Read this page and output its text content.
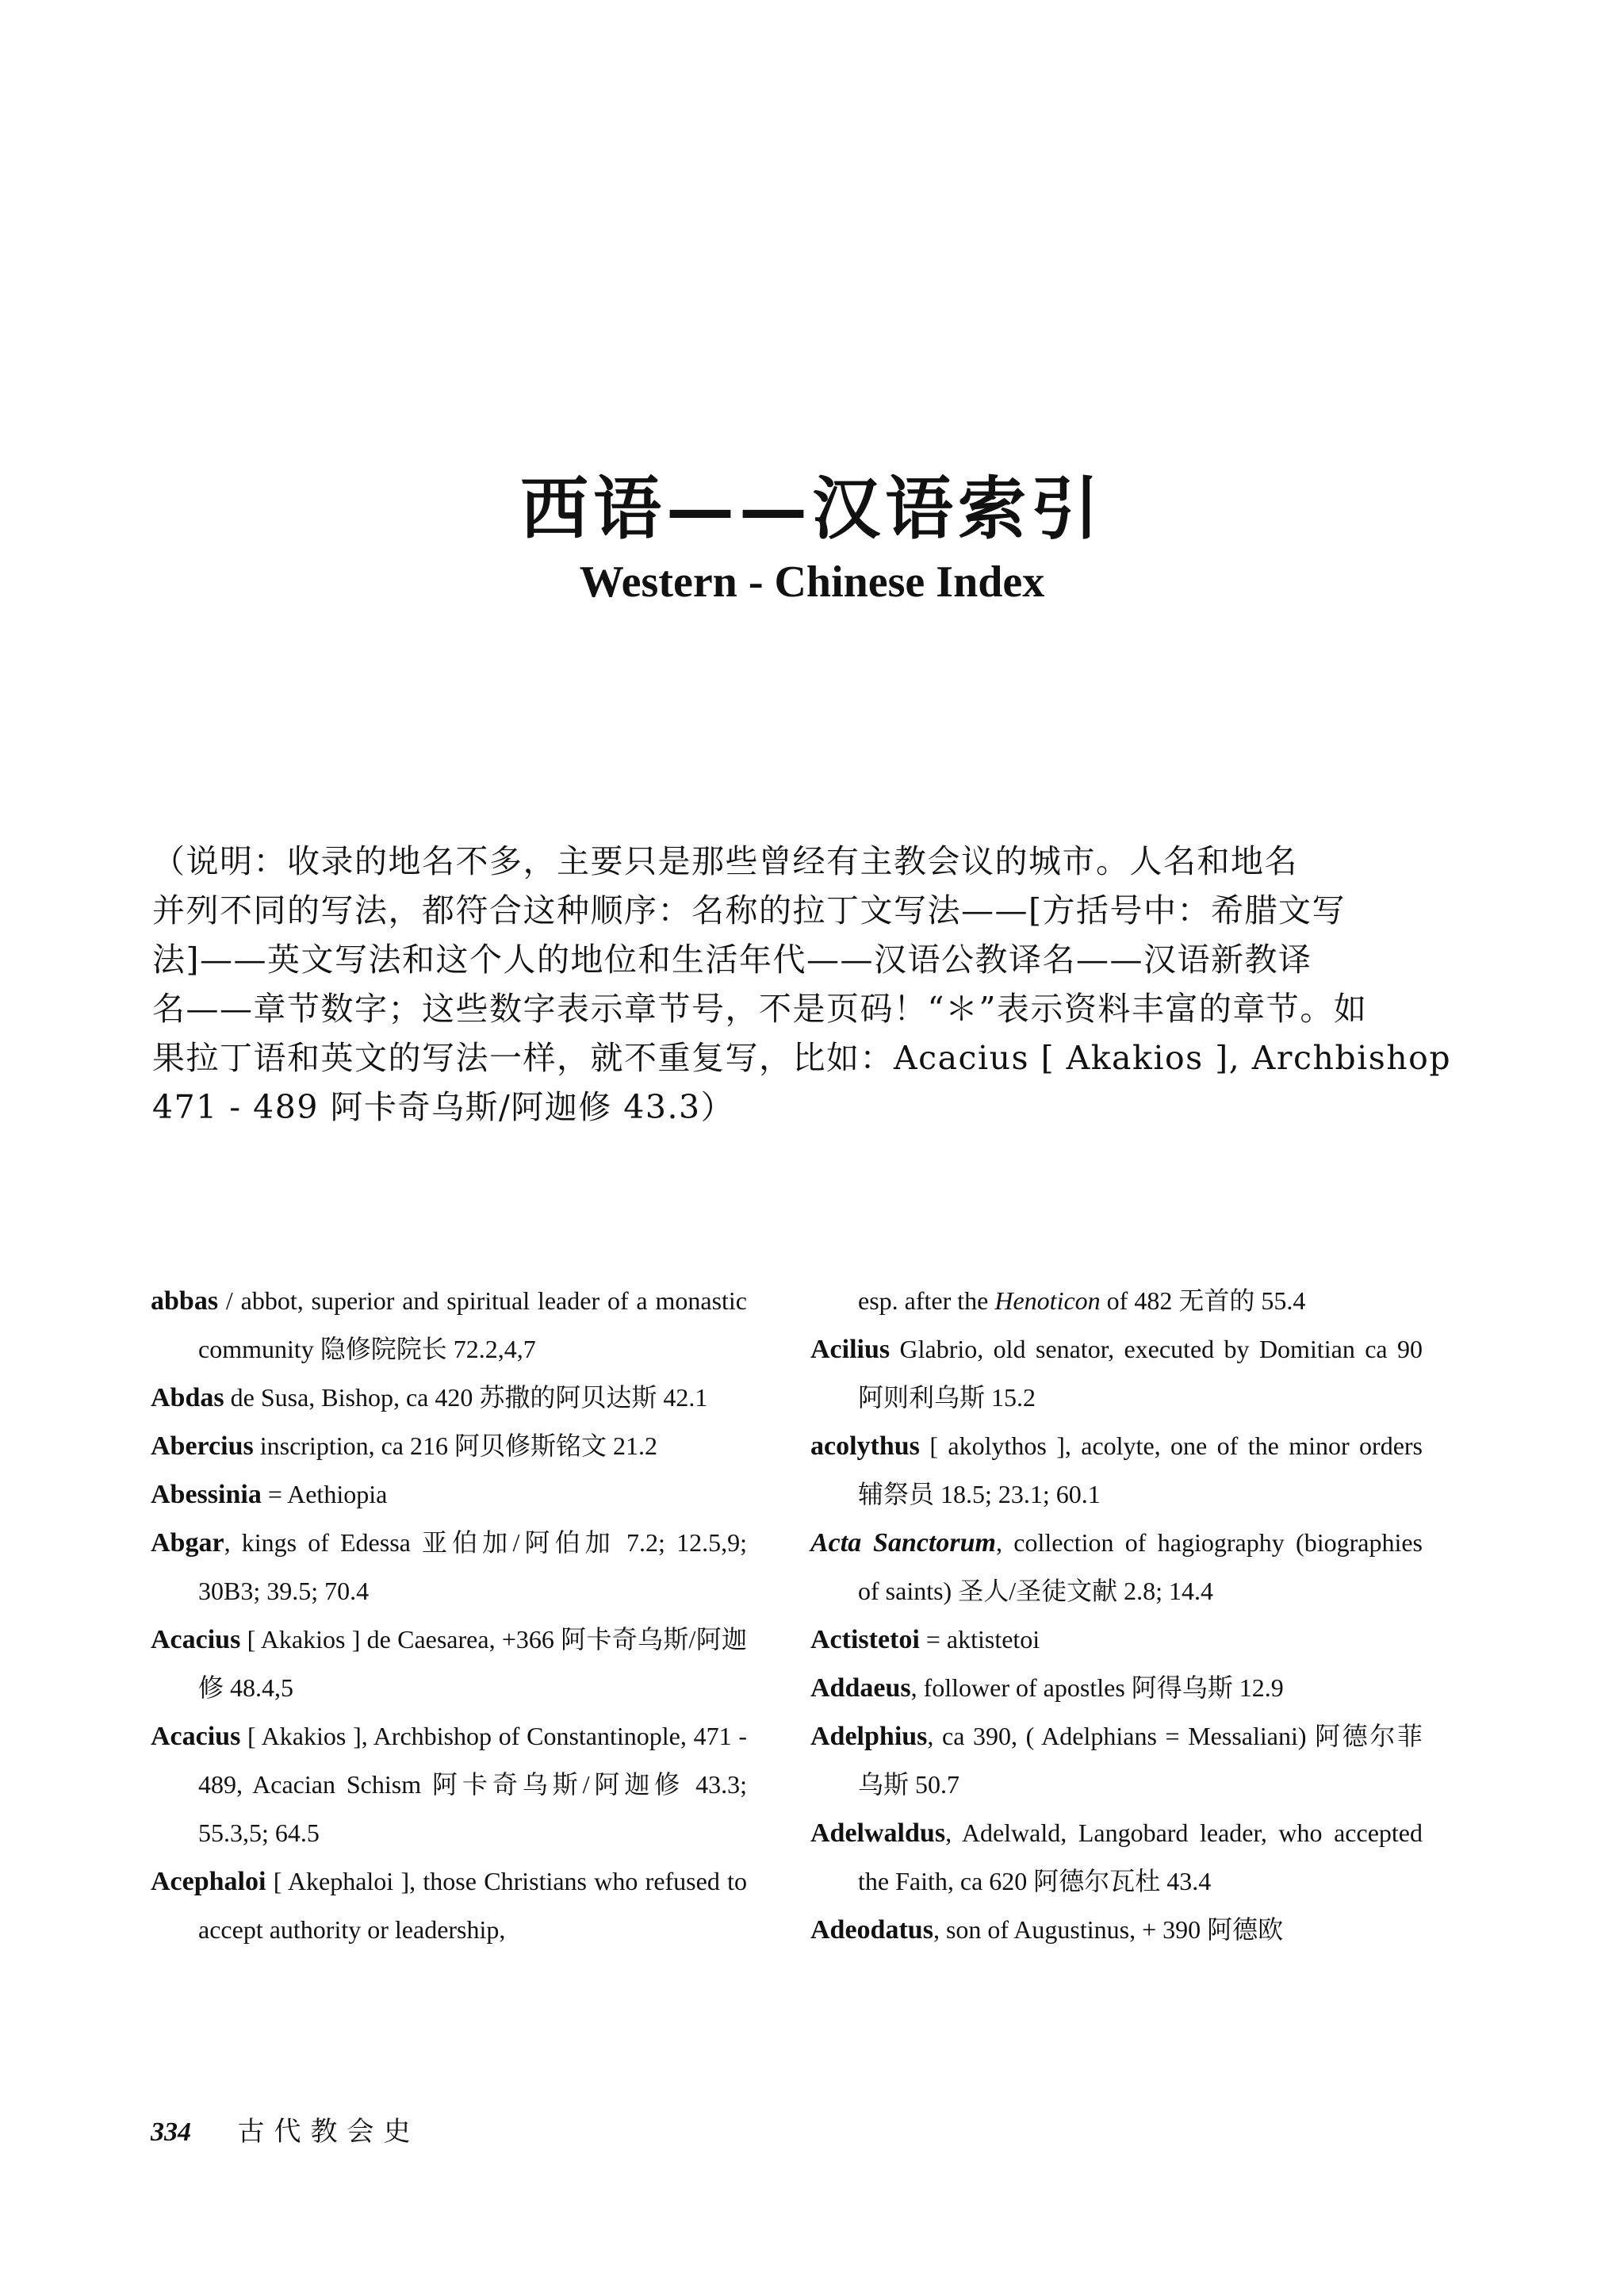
西语——汉语索引
Western - Chinese Index
（说明：收录的地名不多，主要只是那些曾经有主教会议的城市。人名和地名
并列不同的写法，都符合这种顺序：名称的拉丁文写法——[方括号中：希腊文写
法]——英文写法和这个人的地位和生活年代——汉语公教译名——汉语新教译
名——章节数字；这些数字表示章节号，不是页码！“＊”表示资料丰富的章节。如
果拉丁语和英文的写法一样，就不重复写，比如：Acacius [ Akakios ], Archbishop
471 - 489 阿卡奇乌斯/阿迦修 43.3）
abbas / abbot, superior and spiritual leader of a monastic community 隐修院院长 72.2,4,7
Abdas de Susa, Bishop, ca 420 苏撒的阿贝达斯 42.1
Abercius inscription, ca 216 阿贝修斯铭文 21.2
Abessinia = Aethiopia
Abgar, kings of Edessa 亚伯加/阿伯加 7.2; 12.5,9; 30B3; 39.5; 70.4
Acacius [ Akakios ] de Caesarea, +366 阿卡奇乌斯/阿迦修 48.4,5
Acacius [ Akakios ], Archbishop of Constantinople, 471 - 489, Acacian Schism 阿卡奇乌斯/阿迦修 43.3; 55.3,5; 64.5
Acephaloi [ Akephaloi ], those Christians who refused to accept authority or leadership,
esp. after the Henoticon of 482 无首的 55.4
Acilius Glabrio, old senator, executed by Domitian ca 90 阿则利乌斯 15.2
acolythus [ akolythos ], acolyte, one of the minor orders 辅祭员 18.5; 23.1; 60.1
Acta Sanctorum, collection of hagiography (biographies of saints) 圣人/圣徒文献 2.8; 14.4
Actistetoi = aktistetoi
Addaeus, follower of apostles 阿得乌斯 12.9
Adelphius, ca 390, ( Adelphians = Messaliani) 阿德尔菲乌斯 50.7
Adelwaldus, Adelwald, Langobard leader, who accepted the Faith, ca 620 阿德尔瓦杜 43.4
Adeodatus, son of Augustinus, + 390 阿德欧
334 古代教会史
